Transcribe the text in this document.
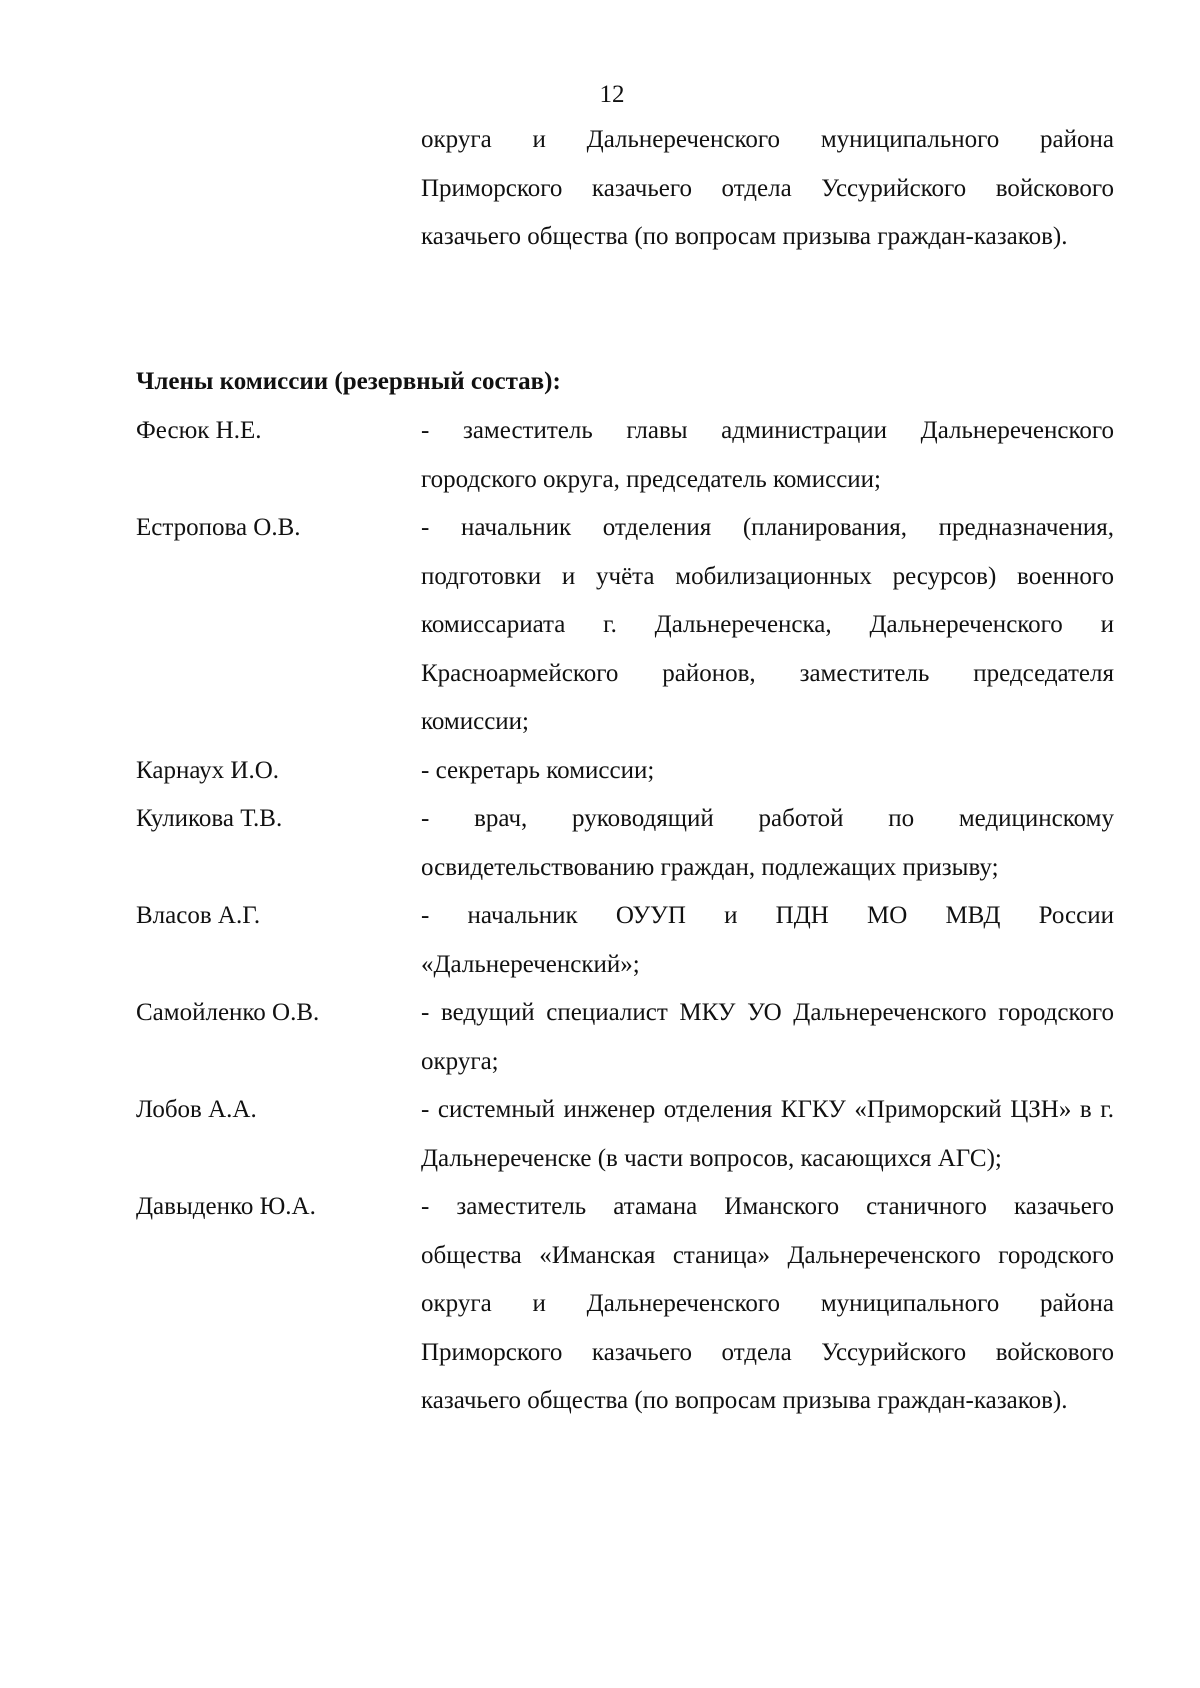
12
округа и Дальнереченского муниципального района Приморского казачьего отдела Уссурийского войскового казачьего общества (по вопросам призыва граждан-казаков).
Члены комиссии (резервный состав):
Фесюк Н.Е.	- заместитель главы администрации Дальнереченского городского округа, председатель комиссии;
Естропова О.В.	- начальник отделения (планирования, предназначения, подготовки и учёта мобилизационных ресурсов) военного комиссариата г. Дальнереченска, Дальнереченского и Красноармейского районов, заместитель председателя комиссии;
Карнаух И.О.	- секретарь комиссии;
Куликова Т.В.	- врач, руководящий работой по медицинскому освидетельствованию граждан, подлежащих призыву;
Власов А.Г.	- начальник ОУУП и ПДН МО МВД России «Дальнереченский»;
Самойленко О.В.	- ведущий специалист МКУ УО Дальнереченского городского округа;
Лобов А.А.	- системный инженер отделения КГКУ «Приморский ЦЗН» в г. Дальнереченске (в части вопросов, касающихся АГС);
Давыденко Ю.А.	- заместитель атамана Иманского станичного казачьего общества «Иманская станица» Дальнереченского городского округа и Дальнереченского муниципального района Приморского казачьего отдела Уссурийского войскового казачьего общества (по вопросам призыва граждан-казаков).
